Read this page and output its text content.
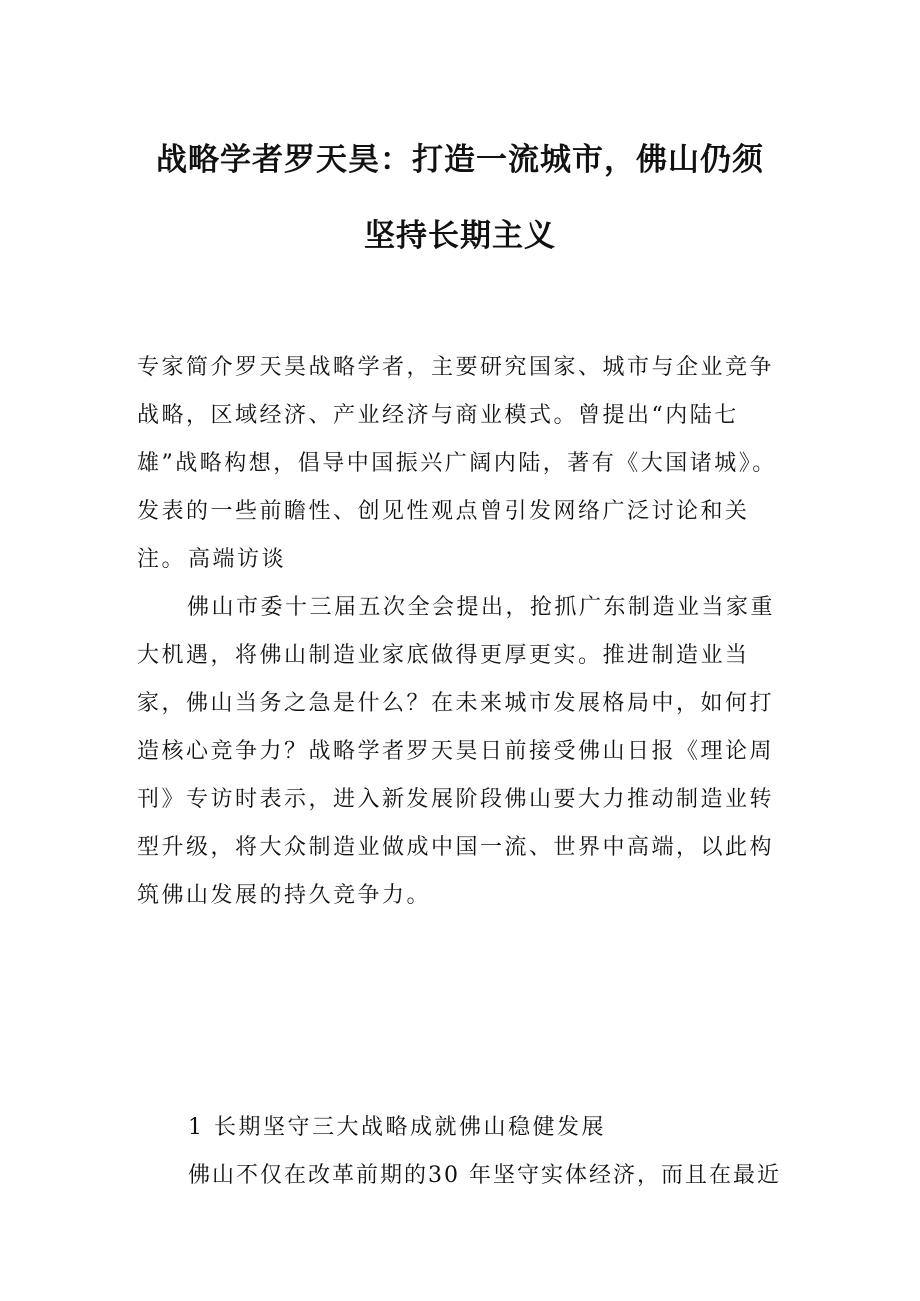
战略学者罗天昊：打造一流城市，佛山仍须
坚持长期主义

专家简介罗天昊战略学者，主要研究国家、城市与企业竞争战略，区域经济、产业经济与商业模式。曾提出“内陆七雄”战略构想，倡导中国振兴广阔内陆，著有《大国诸城》。发表的一些前瞻性、创见性观点曾引发网络广泛讨论和关注。 高端访谈

佛山市委十三届五次全会提出，抢抓广东制造业当家重大机遇，将佛山制造业家底做得更厚更实。推进制造业当家，佛山当务之急是什么？在未来城市发展格局中，如何打造核心竞争力？战略学者罗天昊日前接受佛山日报《理论周刊》专访时表示，进入新发展阶段佛山要大力推动制造业转型升级，将大众制造业做成中国一流、世界中高端，以此构筑佛山发展的持久竞争力。

1 长期坚守三大战略成就佛山稳健发展

佛山不仅在改革前期的30 年坚守实体经济，而且在最近
